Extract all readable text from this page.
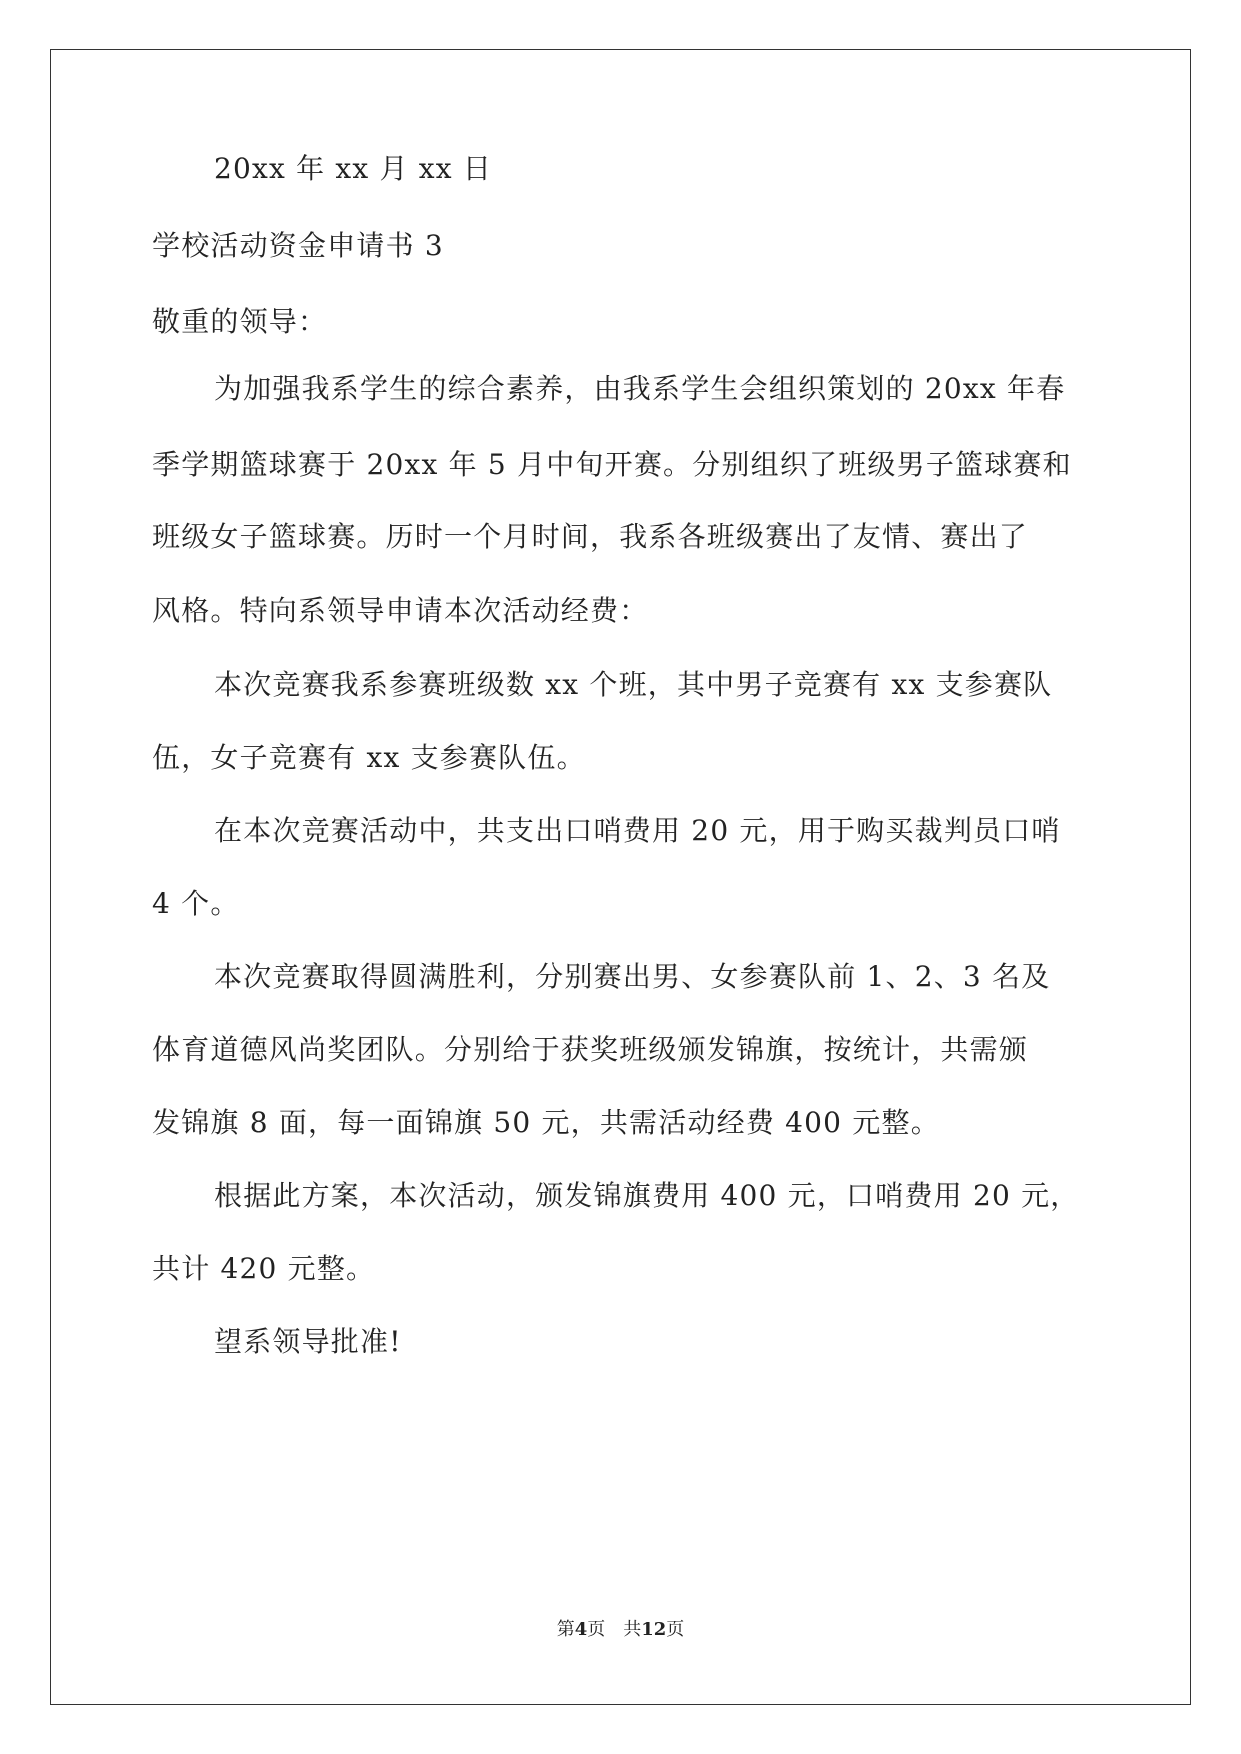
20xx 年 xx 月 xx 日
学校活动资金申请书 3
敬重的领导：
为加强我系学生的综合素养，由我系学生会组织策划的 20xx 年春
季学期篮球赛于 20xx 年 5 月中旬开赛。分别组织了班级男子篮球赛和
班级女子篮球赛。历时一个月时间，我系各班级赛出了友情、赛出了
风格。特向系领导申请本次活动经费：
本次竞赛我系参赛班级数 xx 个班，其中男子竞赛有 xx 支参赛队
伍，女子竞赛有 xx 支参赛队伍。
在本次竞赛活动中，共支出口哨费用 20 元，用于购买裁判员口哨
4 个。
本次竞赛取得圆满胜利，分别赛出男、女参赛队前 1、2、3 名及
体育道德风尚奖团队。分别给于获奖班级颁发锦旗，按统计，共需颁
发锦旗 8 面，每一面锦旗 50 元，共需活动经费 400 元整。
根据此方案，本次活动，颁发锦旗费用 400 元，口哨费用 20 元，
共计 420 元整。
望系领导批准!
第4页　共12页
